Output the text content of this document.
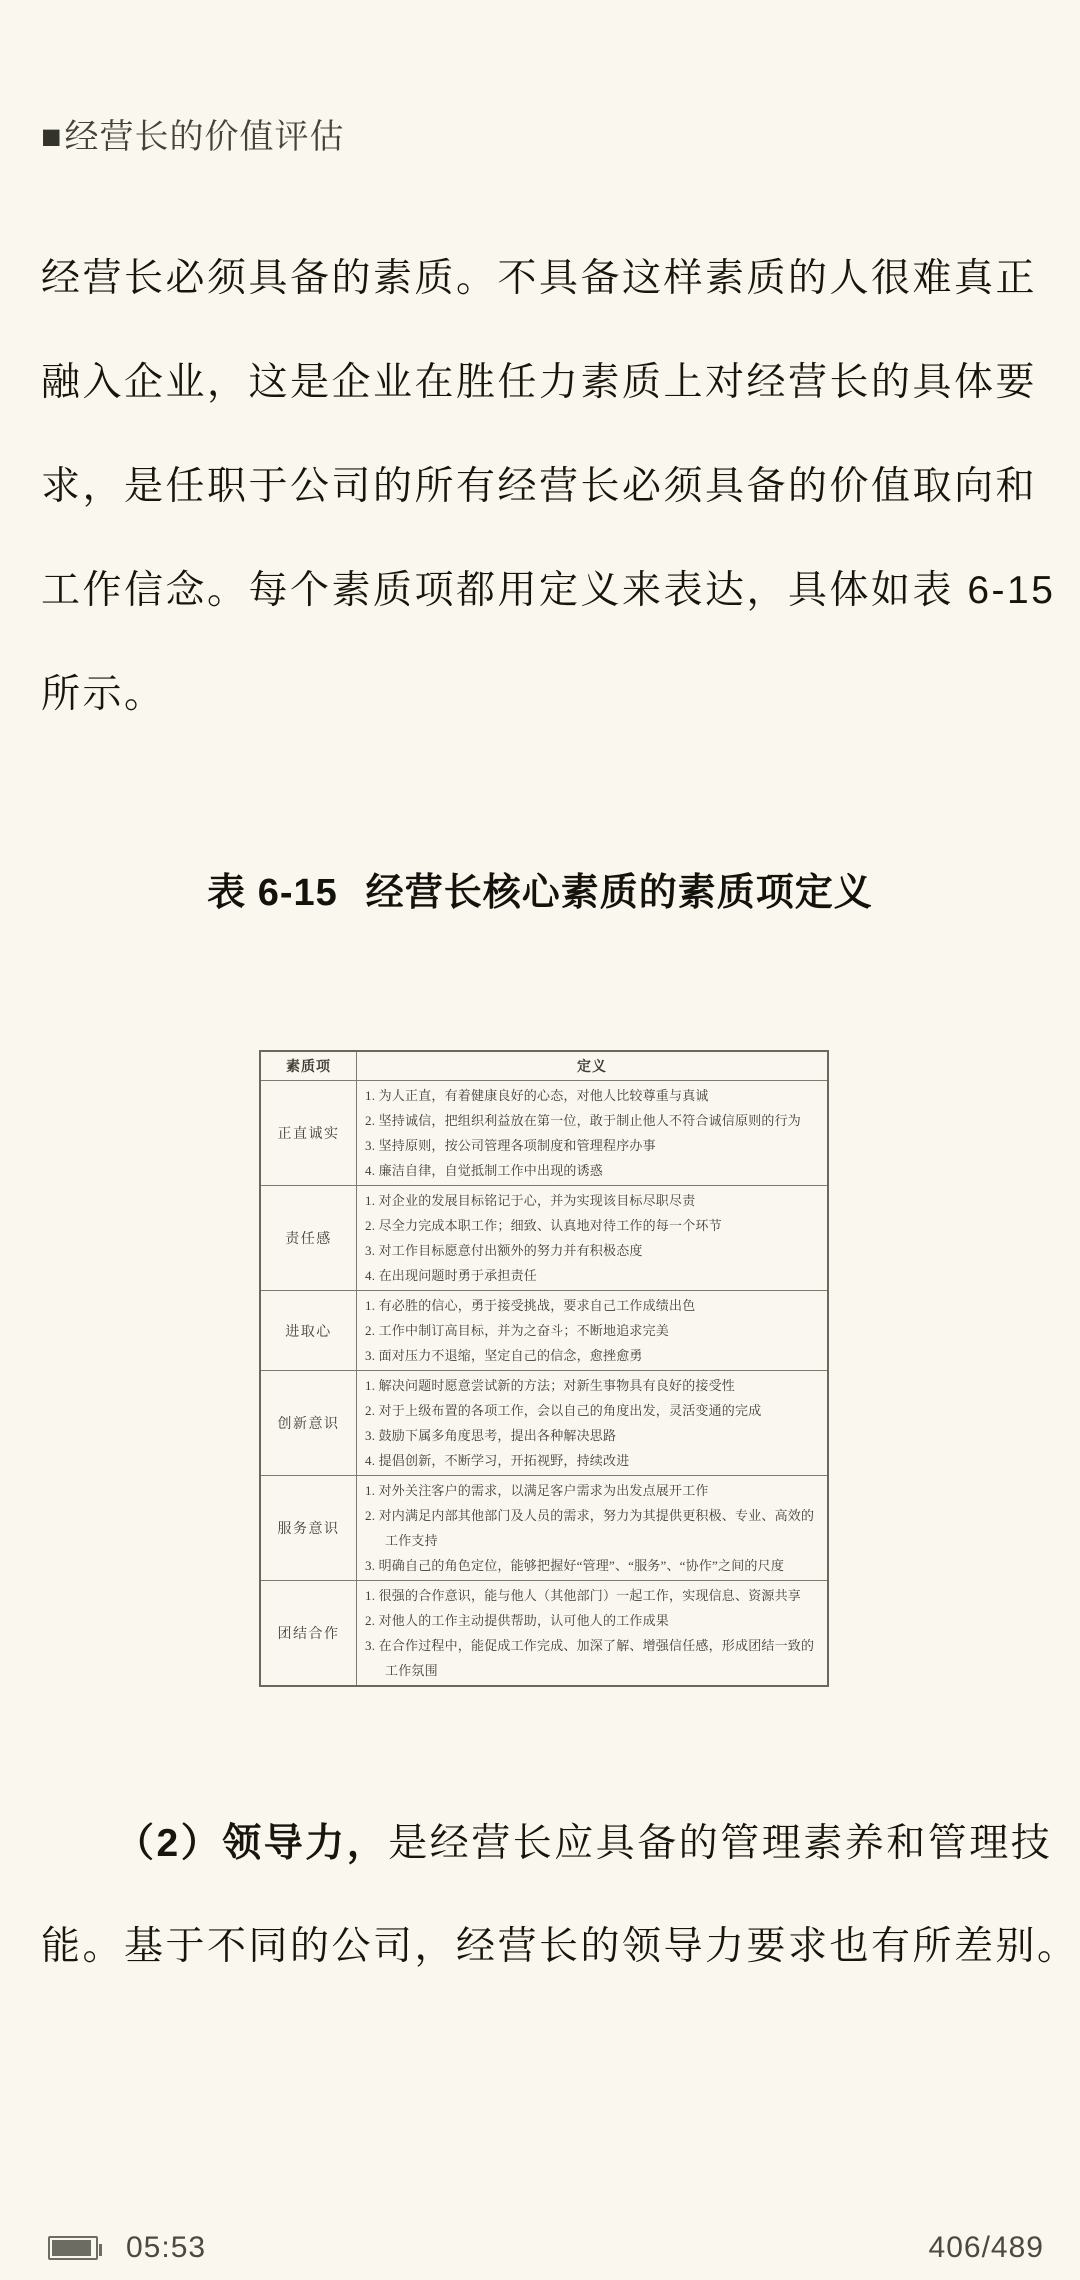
■经营长的价值评估
经营长必须具备的素质。不具备这样素质的人很难真正
融入企业，这是企业在胜任力素质上对经营长的具体要
求，是任职于公司的所有经营长必须具备的价值取向和
工作信念。每个素质项都用定义来表达，具体如表 6-15
所示。
表 6-15 经营长核心素质的素质项定义
素质项	定义
正直诚实
1. 为人正直，有着健康良好的心态，对他人比较尊重与真诚
2. 坚持诚信，把组织利益放在第一位，敢于制止他人不符合诚信原则的行为
3. 坚持原则，按公司管理各项制度和管理程序办事
4. 廉洁自律，自觉抵制工作中出现的诱惑
责任感
1. 对企业的发展目标铭记于心，并为实现该目标尽职尽责
2. 尽全力完成本职工作；细致、认真地对待工作的每一个环节
3. 对工作目标愿意付出额外的努力并有积极态度
4. 在出现问题时勇于承担责任
进取心
1. 有必胜的信心，勇于接受挑战，要求自己工作成绩出色
2. 工作中制订高目标，并为之奋斗；不断地追求完美
3. 面对压力不退缩，坚定自己的信念，愈挫愈勇
创新意识
1. 解决问题时愿意尝试新的方法；对新生事物具有良好的接受性
2. 对于上级布置的各项工作，会以自己的角度出发，灵活变通的完成
3. 鼓励下属多角度思考，提出各种解决思路
4. 提倡创新，不断学习，开拓视野，持续改进
服务意识
1. 对外关注客户的需求，以满足客户需求为出发点展开工作
2. 对内满足内部其他部门及人员的需求，努力为其提供更积极、专业、高效的
工作支持
3. 明确自己的角色定位，能够把握好“管理”、“服务”、“协作”之间的尺度
团结合作
1. 很强的合作意识，能与他人（其他部门）一起工作，实现信息、资源共享
2. 对他人的工作主动提供帮助，认可他人的工作成果
3. 在合作过程中，能促成工作完成、加深了解、增强信任感，形成团结一致的
工作氛围
（2）领导力，是经营长应具备的管理素养和管理技
能。基于不同的公司，经营长的领导力要求也有所差别。
05:53	406/489
